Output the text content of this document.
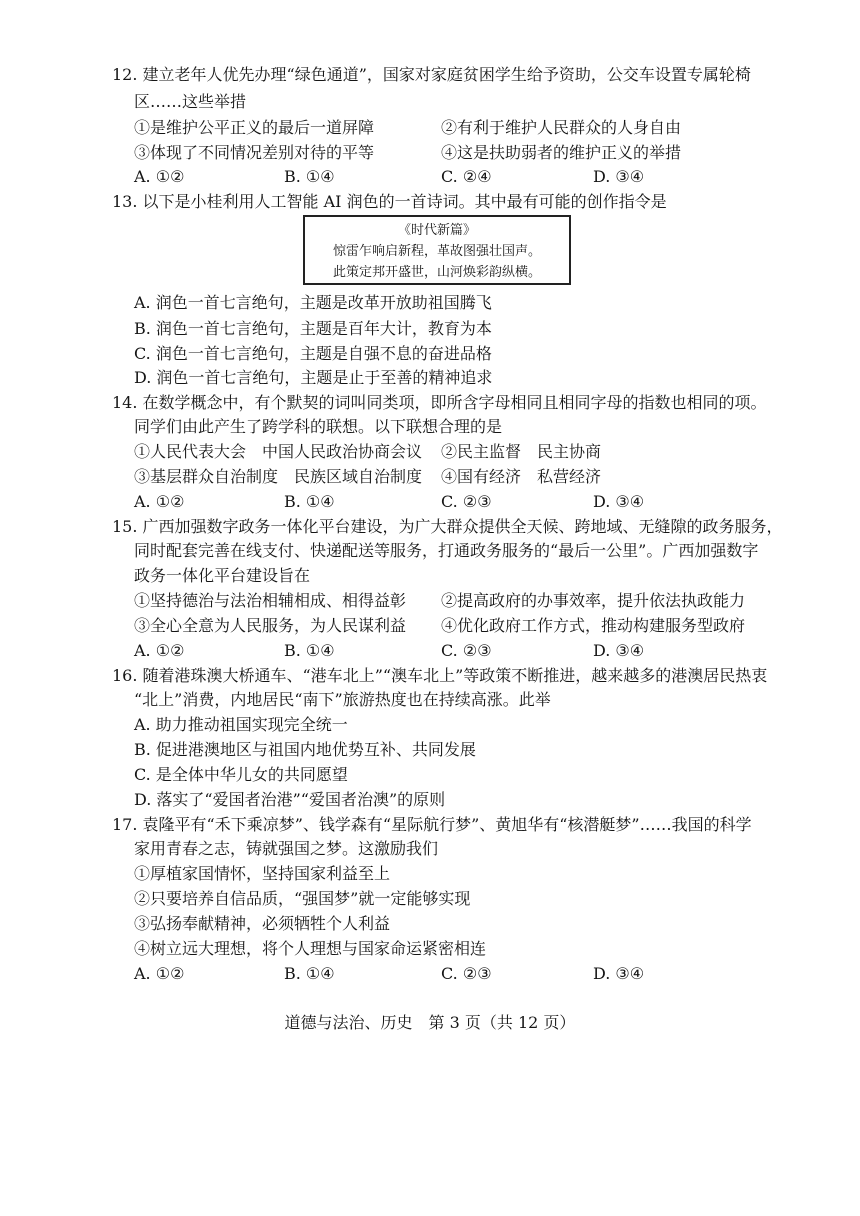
12. 建立老年人优先办理“绿色通道”，国家对家庭贫困学生给予资助，公交车设置专属轮椅
区……这些举措
①是维护公平正义的最后一道屏障	②有利于维护人民群众的人身自由
③体现了不同情况差别对待的平等	④这是扶助弱者的维护正义的举措
A. ①②	B. ①④	C. ②④	D. ③④
13. 以下是小桂利用人工智能 AI 润色的一首诗词。其中最有可能的创作指令是
《时代新篇》
惊雷乍响启新程，革故图强壮国声。
此策定邦开盛世，山河焕彩韵纵横。
A. 润色一首七言绝句，主题是改革开放助祖国腾飞
B. 润色一首七言绝句，主题是百年大计，教育为本
C. 润色一首七言绝句，主题是自强不息的奋进品格
D. 润色一首七言绝句，主题是止于至善的精神追求
14. 在数学概念中，有个默契的词叫同类项，即所含字母相同且相同字母的指数也相同的项。
同学们由此产生了跨学科的联想。以下联想合理的是
①人民代表大会　中国人民政治协商会议 ②民主监督　民主协商
③基层群众自治制度　民族区域自治制度 ④国有经济　私营经济
A. ①②	B. ①④	C. ②③	D. ③④
15. 广西加强数字政务一体化平台建设，为广大群众提供全天候、跨地域、无缝隙的政务服务，
同时配套完善在线支付、快递配送等服务，打通政务服务的“最后一公里”。广西加强数字
政务一体化平台建设旨在
①坚持德治与法治相辅相成、相得益彰 ②提高政府的办事效率，提升依法执政能力
③全心全意为人民服务，为人民谋利益 ④优化政府工作方式，推动构建服务型政府
A. ①②	B. ①④	C. ②③	D. ③④
16. 随着港珠澳大桥通车、“港车北上”“澳车北上”等政策不断推进，越来越多的港澳居民热衷
“北上”消费，内地居民“南下”旅游热度也在持续高涨。此举
A. 助力推动祖国实现完全统一
B. 促进港澳地区与祖国内地优势互补、共同发展
C. 是全体中华儿女的共同愿望
D. 落实了“爱国者治港”“爱国者治澳”的原则
17. 袁隆平有“禾下乘凉梦”、钱学森有“星际航行梦”、黄旭华有“核潜艇梦”……我国的科学
家用青春之志，铸就强国之梦。这激励我们
①厚植家国情怀，坚持国家利益至上
②只要培养自信品质，“强国梦”就一定能够实现
③弘扬奉献精神，必须牺牲个人利益
④树立远大理想，将个人理想与国家命运紧密相连
A. ①②	B. ①④	C. ②③	D. ③④
道德与法治、历史　第 3 页（共 12 页）
